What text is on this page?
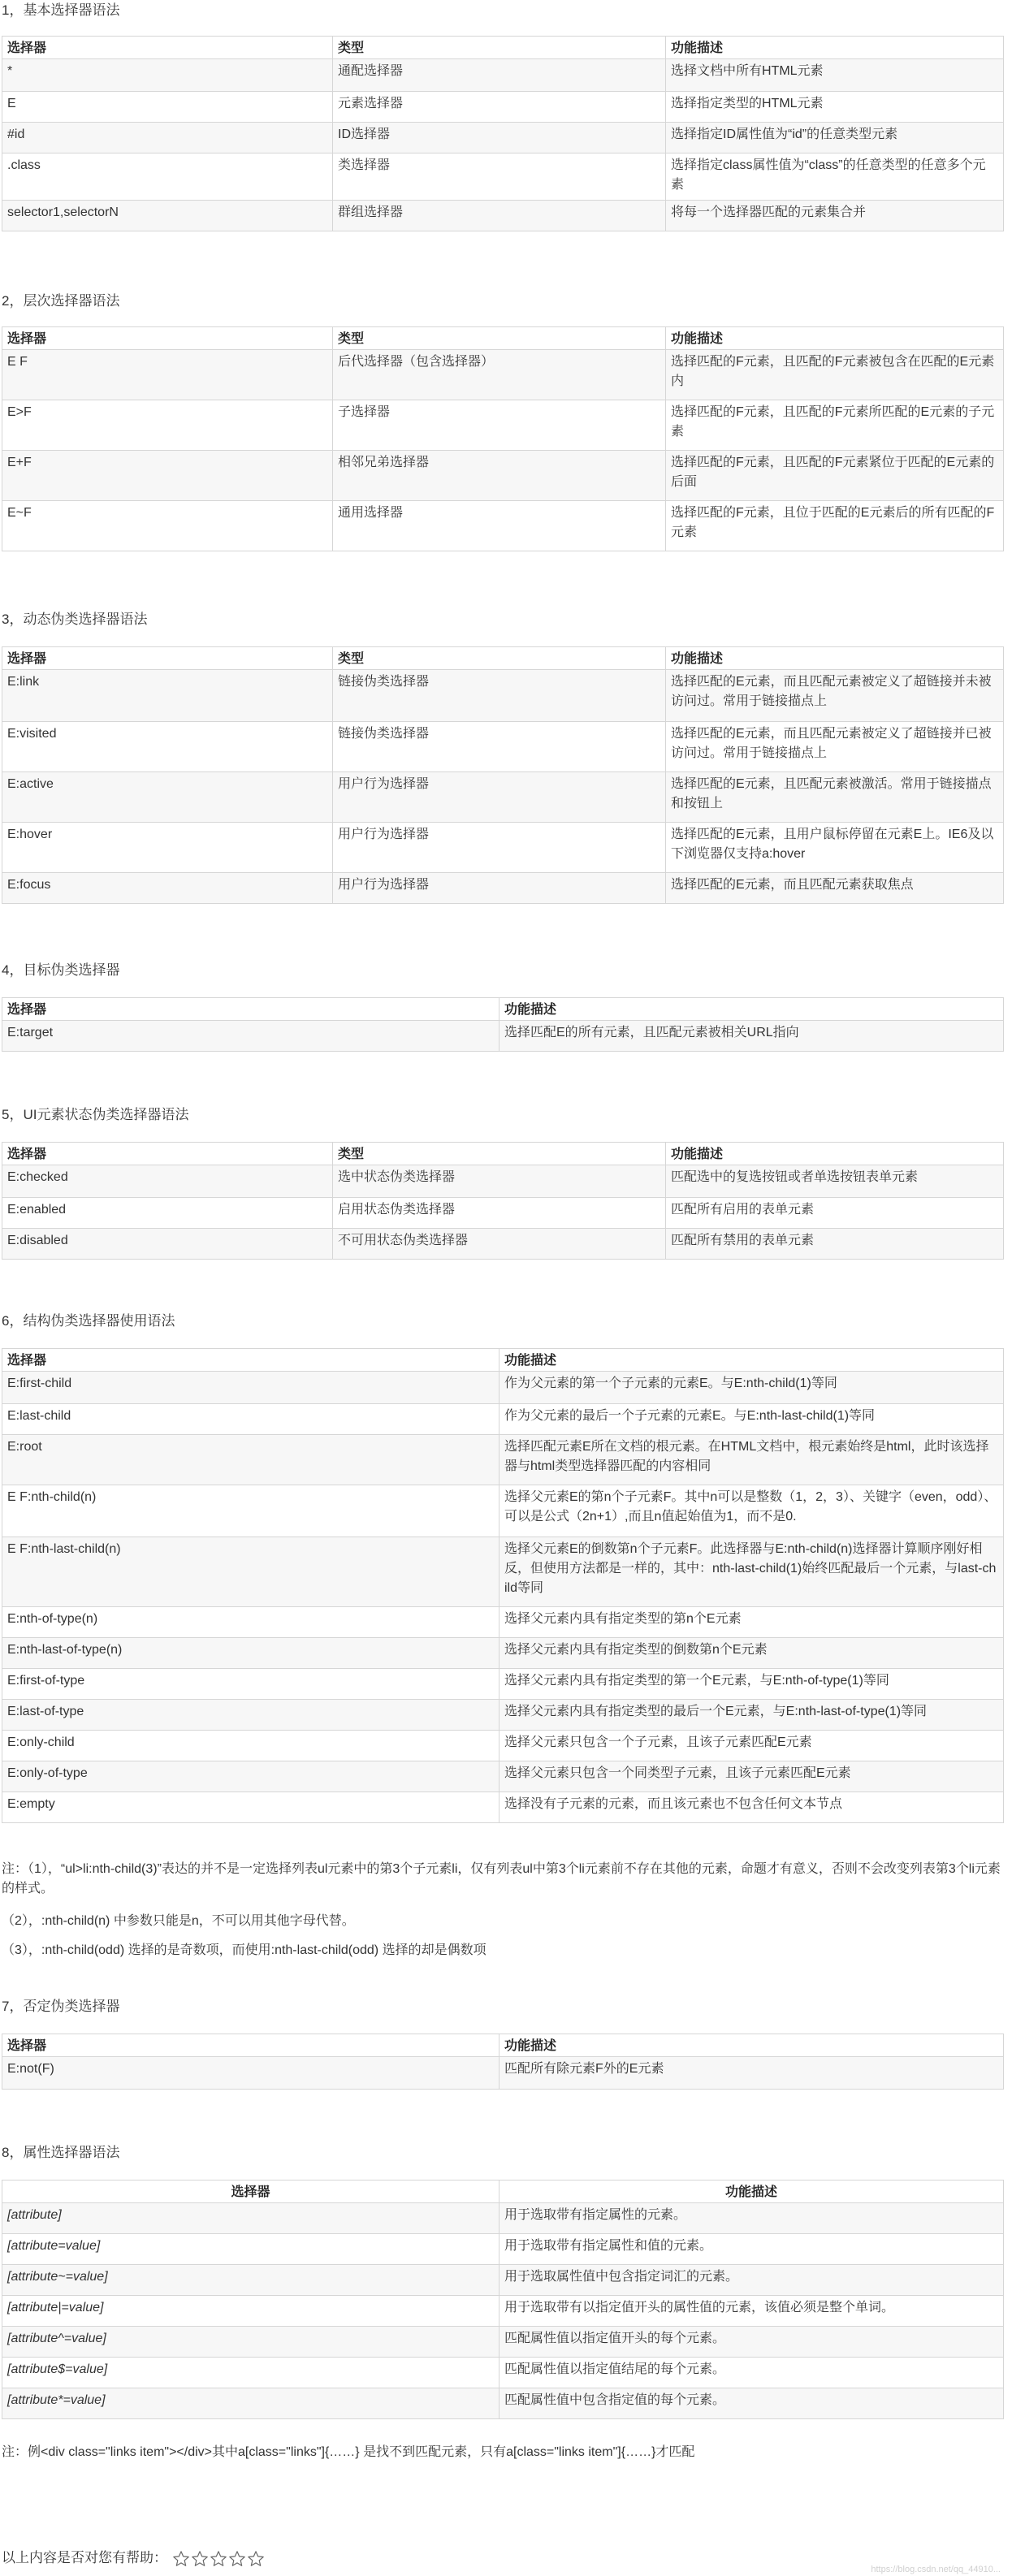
1，基本选择器语法
选择器	类型	功能描述
*	通配选择器	选择文档中所有HTML元素
E	元素选择器	选择指定类型的HTML元素
#id	ID选择器	选择指定ID属性值为“id”的任意类型元素
.class	类选择器	选择指定class属性值为“class”的任意类型的任意多个元素
selector1,selectorN	群组选择器	将每一个选择器匹配的元素集合并
2，层次选择器语法
选择器	类型	功能描述
E F	后代选择器（包含选择器）	选择匹配的F元素，且匹配的F元素被包含在匹配的E元素内
E>F	子选择器	选择匹配的F元素，且匹配的F元素所匹配的E元素的子元素
E+F	相邻兄弟选择器	选择匹配的F元素，且匹配的F元素紧位于匹配的E元素的后面
E~F	通用选择器	选择匹配的F元素，且位于匹配的E元素后的所有匹配的F元素
3，动态伪类选择器语法
选择器	类型	功能描述
E:link	链接伪类选择器	选择匹配的E元素，而且匹配元素被定义了超链接并未被访问过。常用于链接描点上
E:visited	链接伪类选择器	选择匹配的E元素，而且匹配元素被定义了超链接并已被访问过。常用于链接描点上
E:active	用户行为选择器	选择匹配的E元素，且匹配元素被激活。常用于链接描点和按钮上
E:hover	用户行为选择器	选择匹配的E元素，且用户鼠标停留在元素E上。IE6及以下浏览器仅支持a:hover
E:focus	用户行为选择器	选择匹配的E元素，而且匹配元素获取焦点
4，目标伪类选择器
选择器	功能描述
E:target	选择匹配E的所有元素，且匹配元素被相关URL指向
5，UI元素状态伪类选择器语法
选择器	类型	功能描述
E:checked	选中状态伪类选择器	匹配选中的复选按钮或者单选按钮表单元素
E:enabled	启用状态伪类选择器	匹配所有启用的表单元素
E:disabled	不可用状态伪类选择器	匹配所有禁用的表单元素
6，结构伪类选择器使用语法
选择器	功能描述
E:first-child	作为父元素的第一个子元素的元素E。与E:nth-child(1)等同
E:last-child	作为父元素的最后一个子元素的元素E。与E:nth-last-child(1)等同
E:root	选择匹配元素E所在文档的根元素。在HTML文档中，根元素始终是html，此时该选择器与html类型选择器匹配的内容相同
E F:nth-child(n)	选择父元素E的第n个子元素F。其中n可以是整数（1，2，3）、关键字（even，odd）、可以是公式（2n+1）,而且n值起始值为1，而不是0.
E F:nth-last-child(n)	选择父元素E的倒数第n个子元素F。此选择器与E:nth-child(n)选择器计算顺序刚好相反，但使用方法都是一样的，其中：nth-last-child(1)始终匹配最后一个元素，与last-child等同
E:nth-of-type(n)	选择父元素内具有指定类型的第n个E元素
E:nth-last-of-type(n)	选择父元素内具有指定类型的倒数第n个E元素
E:first-of-type	选择父元素内具有指定类型的第一个E元素，与E:nth-of-type(1)等同
E:last-of-type	选择父元素内具有指定类型的最后一个E元素，与E:nth-last-of-type(1)等同
E:only-child	选择父元素只包含一个子元素，且该子元素匹配E元素
E:only-of-type	选择父元素只包含一个同类型子元素，且该子元素匹配E元素
E:empty	选择没有子元素的元素，而且该元素也不包含任何文本节点
注：（1），“ul>li:nth-child(3)”表达的并不是一定选择列表ul元素中的第3个子元素li，仅有列表ul中第3个li元素前不存在其他的元素，命题才有意义，否则不会改变列表第3个li元素的样式。
（2），:nth-child(n) 中参数只能是n，不可以用其他字母代替。
（3），:nth-child(odd) 选择的是奇数项，而使用:nth-last-child(odd) 选择的却是偶数项
7，否定伪类选择器
选择器	功能描述
E:not(F)	匹配所有除元素F外的E元素
8，属性选择器语法
选择器	功能描述
[attribute]	用于选取带有指定属性的元素。
[attribute=value]	用于选取带有指定属性和值的元素。
[attribute~=value]	用于选取属性值中包含指定词汇的元素。
[attribute|=value]	用于选取带有以指定值开头的属性值的元素，该值必须是整个单词。
[attribute^=value]	匹配属性值以指定值开头的每个元素。
[attribute$=value]	匹配属性值以指定值结尾的每个元素。
[attribute*=value]	匹配属性值中包含指定值的每个元素。
注：例<div class="links item"></div>其中a[class="links"]{……} 是找不到匹配元素，只有a[class="links item"]{……}才匹配
以上内容是否对您有帮助：
https://blog.csdn.net/qq_44910...
